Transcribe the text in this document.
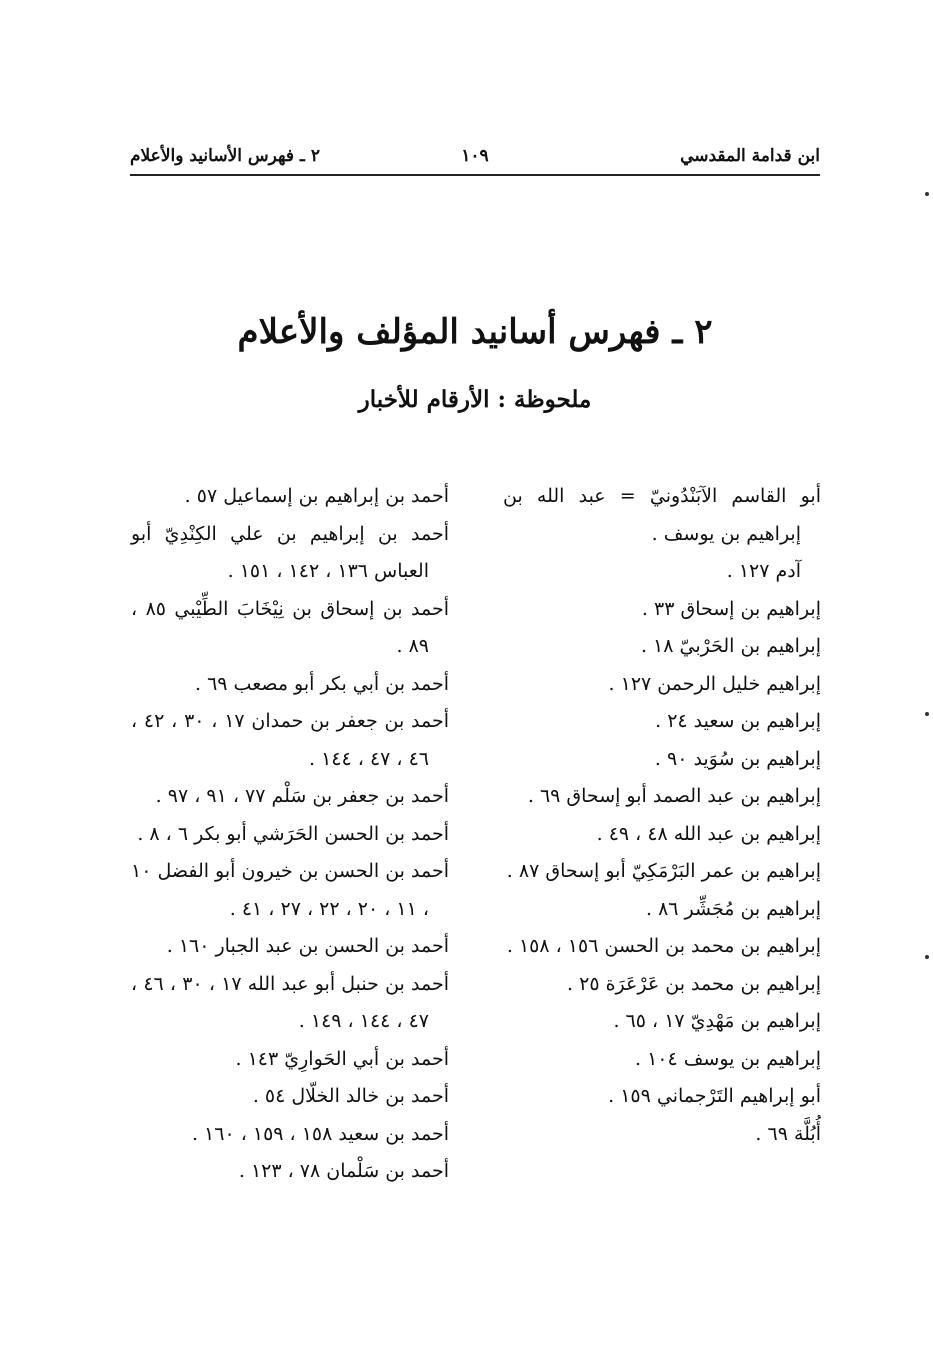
١٠٩	ابن قدامة المقدسي
٢ ـ فهرس الأسانيد والأعلام
٢ ـ فهرس أسانيد المؤلف والأعلام
ملحوظة : الأرقام للأخبار

أبو القاسم الآبَنْدُونيّ = عبد الله بن إبراهيم بن يوسف .

آدم ١٢٧ .

إبراهيم بن إسحاق ٣٣ .

إبراهيم بن الحَرْبيّ ١٨ .

إبراهيم خليل الرحمن ١٢٧ .

إبراهيم بن سعيد ٢٤ .

إبراهيم بن سُوَيد ٩٠ .

إبراهيم بن عبد الصمد أبو إسحاق ٦٩ .

إبراهيم بن عبد الله ٤٨ ، ٤٩ .

إبراهيم بن عمر البَرْمَكِيّ أبو إسحاق ٨٧ .

إبراهيم بن مُجَشِّر ٨٦ .

إبراهيم بن محمد بن الحسن ١٥٦ ، ١٥٨ .

إبراهيم بن محمد بن عَرْعَرَة ٢٥ .

إبراهيم بن مَهْدِيّ ١٧ ، ٦٥ .

إبراهيم بن يوسف ١٠٤ .

أبو إبراهيم التَرْجماني ١٥٩ .

أُبُلَّة ٦٩ .

أحمد بن إبراهيم بن إسماعيل ٥٧ .

أحمد بن إبراهيم بن علي الكِنْدِيّ أبو العباس ١٣٦ ، ١٤٢ ، ١٥١ .

أحمد بن إسحاق بن نِيْخَابَ الطِّيْبي ٨٥ ، ٨٩ .

أحمد بن أبي بكر أبو مصعب ٦٩ .

أحمد بن جعفر بن حمدان ١٧ ، ٣٠ ، ٤٢ ، ٤٦ ، ٤٧ ، ١٤٤ .

أحمد بن جعفر بن سَلْم ٧٧ ، ٩١ ، ٩٧ .

أحمد بن الحسن الحَرَشي أبو بكر ٦ ، ٨ .

أحمد بن الحسن بن خيرون أبو الفضل ١٠ ، ١١ ، ٢٠ ، ٢٢ ، ٢٧ ، ٤١ .

أحمد بن الحسن بن عبد الجبار ١٦٠ .

أحمد بن حنبل أبو عبد الله ١٧ ، ٣٠ ، ٤٦ ، ٤٧ ، ١٤٤ ، ١٤٩ .

أحمد بن أبي الحَوارِيّ ١٤٣ .

أحمد بن خالد الخلّال ٥٤ .

أحمد بن سعيد ١٥٨ ، ١٥٩ ، ١٦٠ .

أحمد بن سَلْمان ٧٨ ، ١٢٣ .
